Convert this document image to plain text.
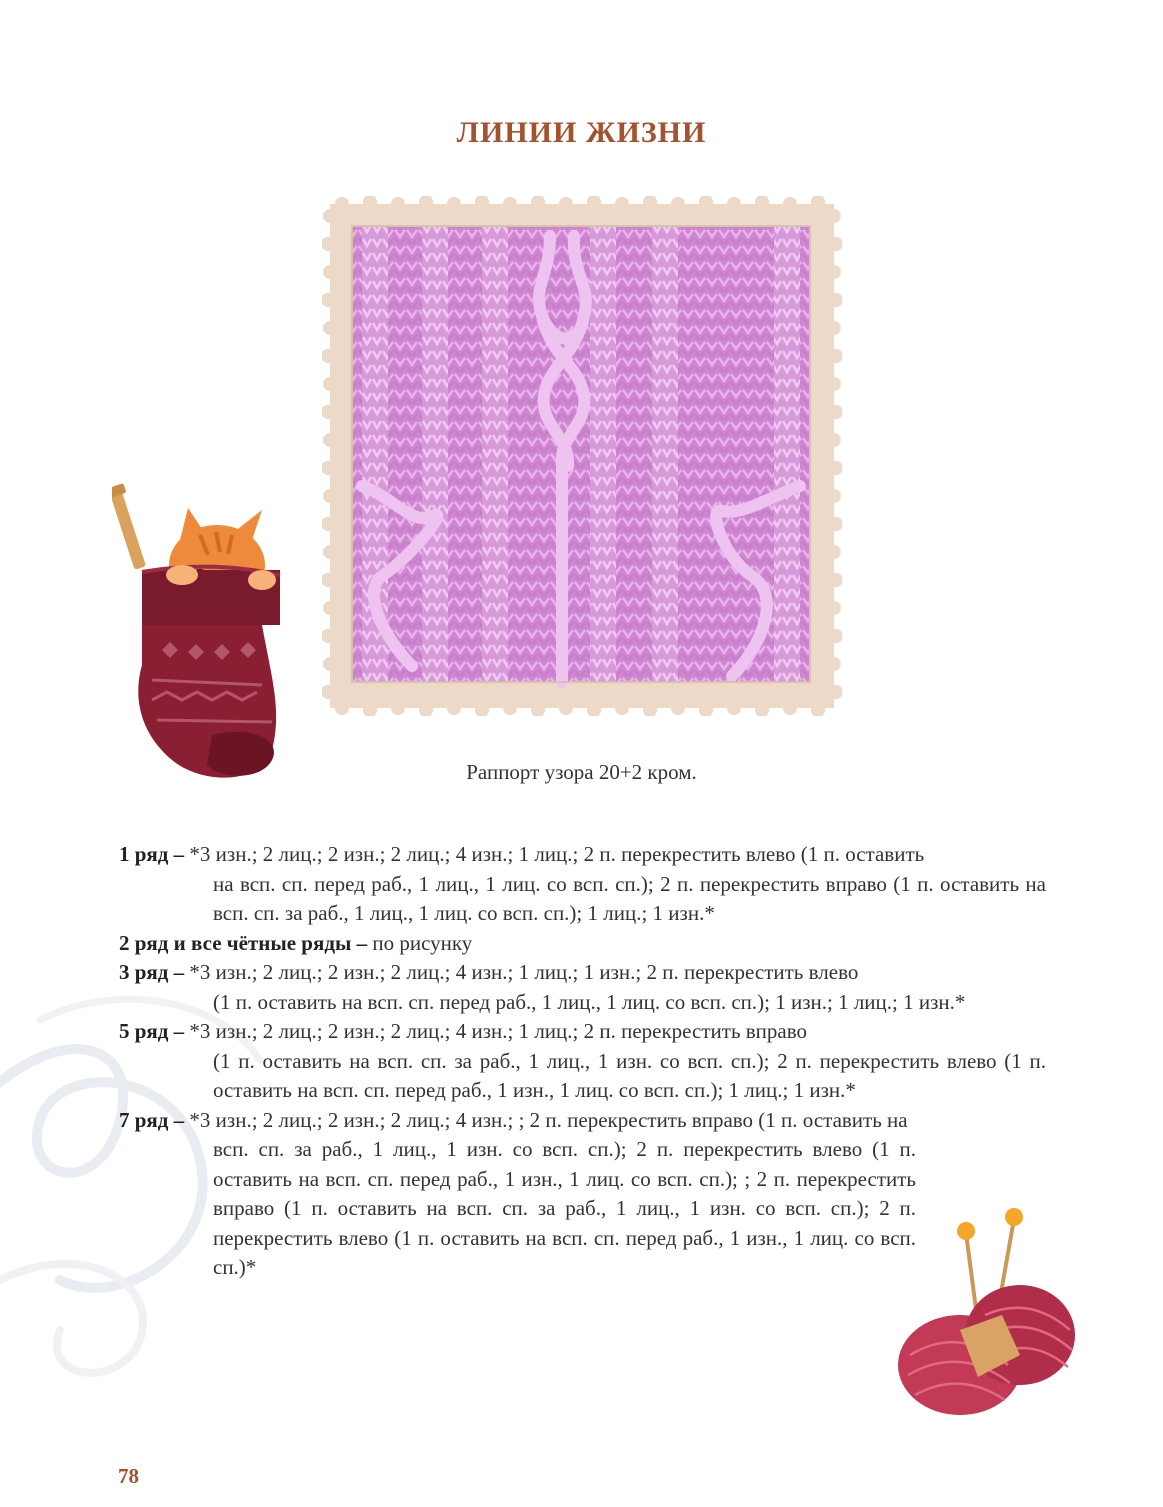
ЛИНИИ ЖИЗНИ
Раппорт узора 20+2 кром.

1 ряд – *3 изн.; 2 лиц.; 2 изн.; 2 лиц.; 4 изн.; 1 лиц.; 2 п. перекрестить влево (1 п. оставить

на всп. сп. перед раб., 1 лиц., 1 лиц. со всп. сп.); 2 п. перекрестить вправо (1 п. оставить на всп. сп. за раб., 1 лиц., 1 лиц. со всп. сп.); 1 лиц.; 1 изн.*

2 ряд и все чётные ряды – по рисунку

3 ряд – *3 изн.; 2 лиц.; 2 изн.; 2 лиц.; 4 изн.; 1 лиц.; 1 изн.; 2 п. перекрестить влево

(1 п. оставить на всп. сп. перед раб., 1 лиц., 1 лиц. со всп. сп.); 1 изн.; 1 лиц.; 1 изн.*

5 ряд – *3 изн.; 2 лиц.; 2 изн.; 2 лиц.; 4 изн.; 1 лиц.; 2 п. перекрестить вправо

(1 п. оставить на всп. сп. за раб., 1 лиц., 1 изн. со всп. сп.); 2 п. перекрестить влево (1 п. оставить на всп. сп. перед раб., 1 изн., 1 лиц. со всп. сп.); 1 лиц.; 1 изн.*

7 ряд – *3 изн.; 2 лиц.; 2 изн.; 2 лиц.; 4 изн.; ; 2 п. перекрестить вправо (1 п. оставить на

всп. сп. за раб., 1 лиц., 1 изн. со всп. сп.); 2 п. перекрестить влево (1 п. оставить на всп. сп. перед раб., 1 изн., 1 лиц. со всп. сп.); ; 2 п. перекрестить вправо (1 п. оставить на всп. сп. за раб., 1 лиц., 1 изн. со всп. сп.); 2 п. перекрестить влево (1 п. оставить на всп. сп. перед раб., 1 изн., 1 лиц. со всп. сп.)*

78
